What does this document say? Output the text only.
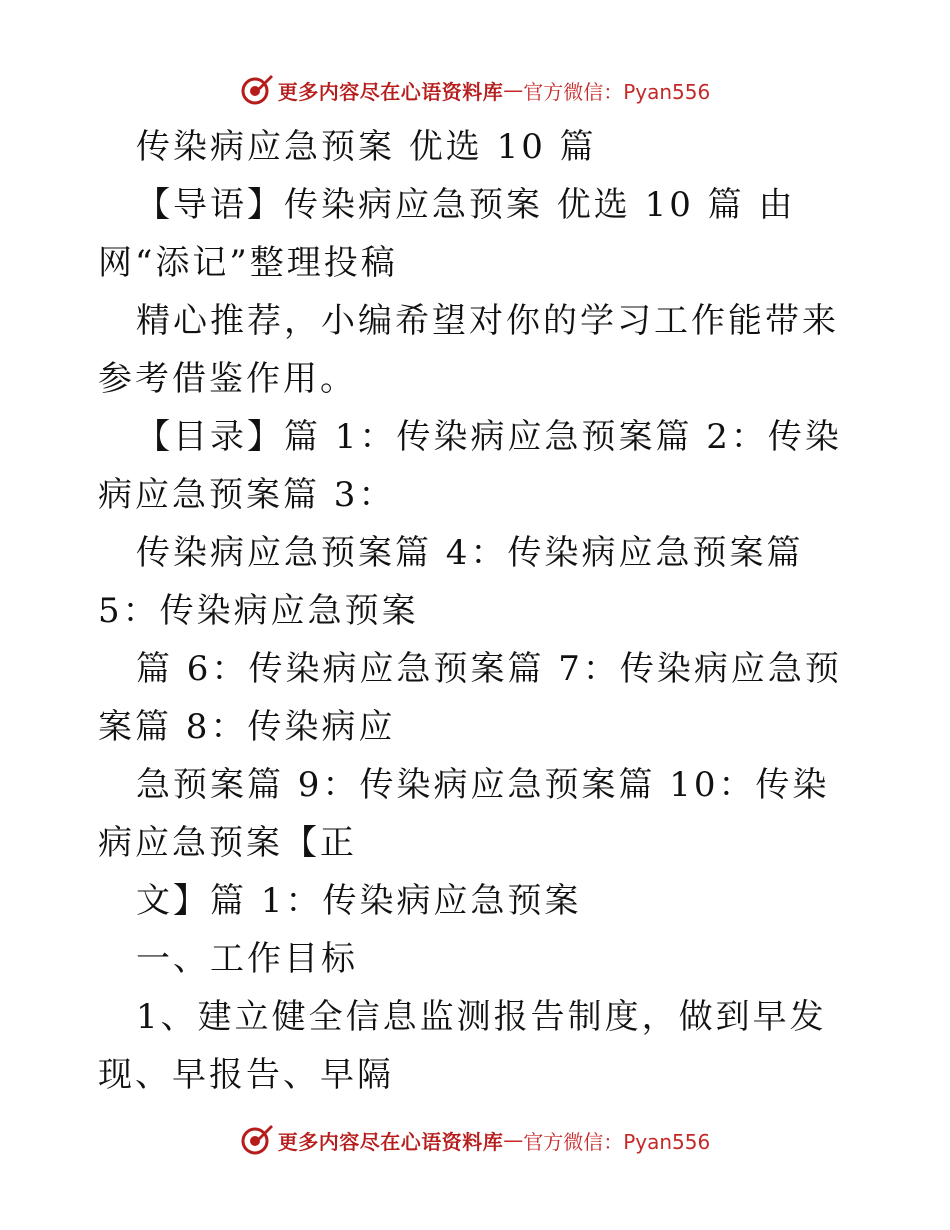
更多内容尽在心语资料库 — 官方微信：Pyan556

传染病应急预案 优选 10 篇

【导语】传染病应急预案 优选 10 篇 由网“添记”整理投稿

精心推荐，小编希望对你的学习工作能带来参考借鉴作用。

【目录】篇 1：传染病应急预案篇 2：传染病应急预案篇 3：

传染病应急预案篇 4：传染病应急预案篇 5：传染病应急预案

篇 6：传染病应急预案篇 7：传染病应急预案篇 8：传染病应

急预案篇 9：传染病应急预案篇 10：传染病应急预案【正

文】篇 1：传染病应急预案

一、工作目标

1、建立健全信息监测报告制度，做到早发现、早报告、早隔

更多内容尽在心语资料库 — 官方微信：Pyan556
